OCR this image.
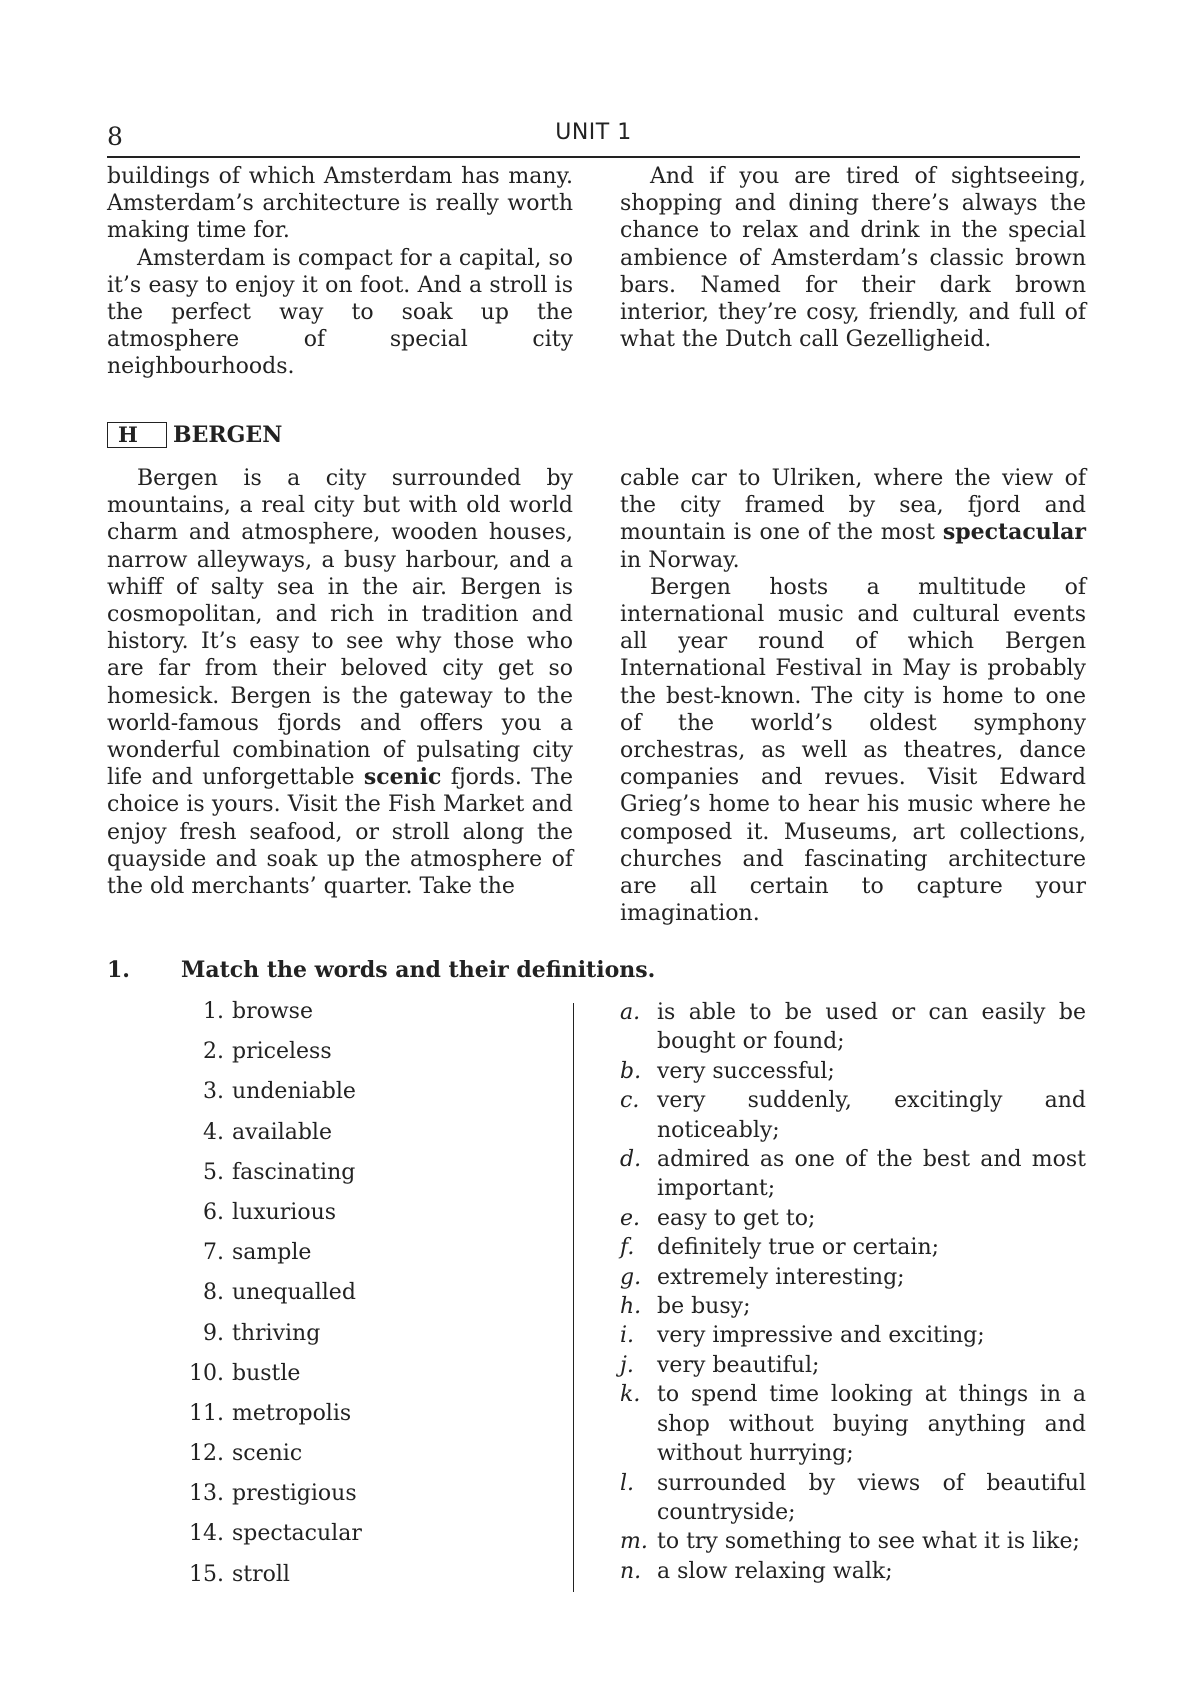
8	UNIT 1

buildings of which Amsterdam has many. Amsterdam’s architecture is really worth making time for.

Amsterdam is compact for a capital, so it’s easy to enjoy it on foot. And a stroll is the perfect way to soak up the atmosphere of special city neighbourhoods.

And if you are tired of sightseeing, shopping and dining there’s always the chance to relax and drink in the special ambience of Amsterdam’s classic brown bars. Named for their dark brown interior, they’re cosy, friendly, and full of what the Dutch call Gezelligheid.

H	BERGEN

Bergen is a city surrounded by mountains, a real city but with old world charm and atmosphere, wooden houses, narrow alleyways, a busy harbour, and a whiff of salty sea in the air. Bergen is cosmopolitan, and rich in tradition and history. It’s easy to see why those who are far from their beloved city get so homesick. Bergen is the gateway to the world-famous fjords and offers you a wonderful combination of pulsating city life and unforgettable scenic fjords. The choice is yours. Visit the Fish Market and enjoy fresh seafood, or stroll along the quayside and soak up the atmosphere of the old merchants’ quarter. Take the

cable car to Ulriken, where the view of the city framed by sea, fjord and mountain is one of the most spectacular in Norway.

Bergen hosts a multitude of international music and cultural events all year round of which Bergen International Festival in May is probably the best-known. The city is home to one of the world’s oldest symphony orchestras, as well as theatres, dance companies and revues. Visit Edward Grieg’s home to hear his music where he composed it. Museums, art collections, churches and fascinating architecture are all certain to capture your imagination.

1.	Match the words and their definitions.
1. browse
2. priceless
3. undeniable
4. available
5. fascinating
6. luxurious
7. sample
8. unequalled
9. thriving
10. bustle
11. metropolis
12. scenic
13. prestigious
14. spectacular
15. stroll
a. is able to be used or can easily be bought or found;
b. very successful;
c. very suddenly, excitingly and noticeably;
d. admired as one of the best and most important;
e. easy to get to;
f.	definitely true or certain;
g. extremely interesting;
h. be busy;
i.	very impressive and exciting;
j.	very beautiful;
k. to spend time looking at things in a shop without buying anything and without hurrying;
l.	surrounded by views of beautiful countryside;
m. to try something to see what it is like;
n. a slow relaxing walk;
